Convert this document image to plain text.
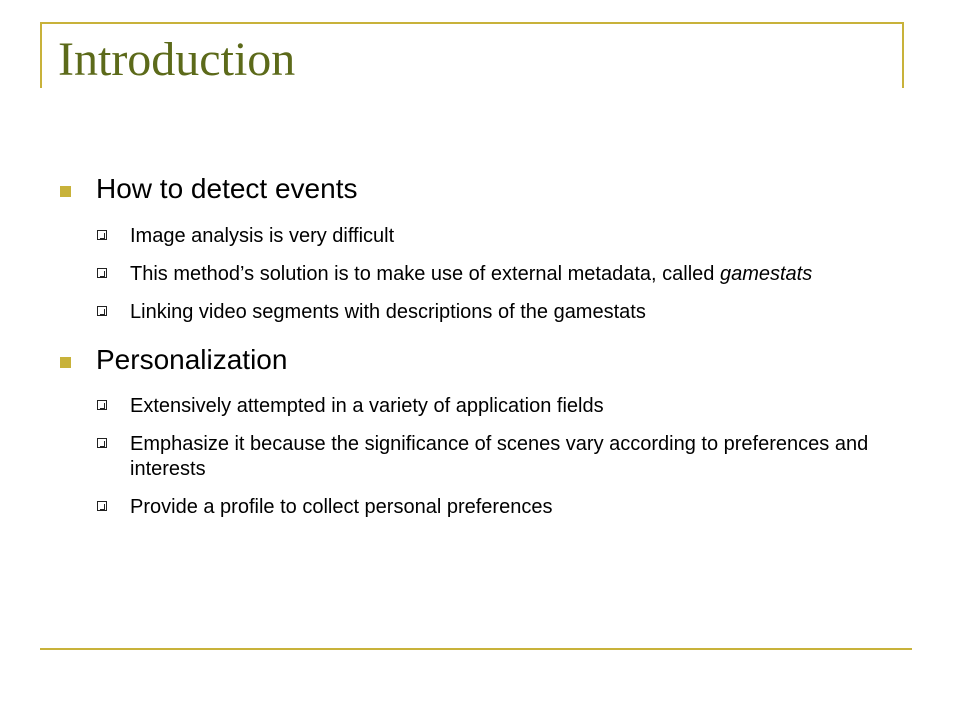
Introduction
How to detect events
Image analysis is very difficult
This method’s solution is to make use of external metadata, called gamestats
Linking video segments with descriptions of the gamestats
Personalization
Extensively attempted in a variety of application fields
Emphasize it because the significance of scenes vary according to preferences and interests
Provide a profile to collect personal preferences
